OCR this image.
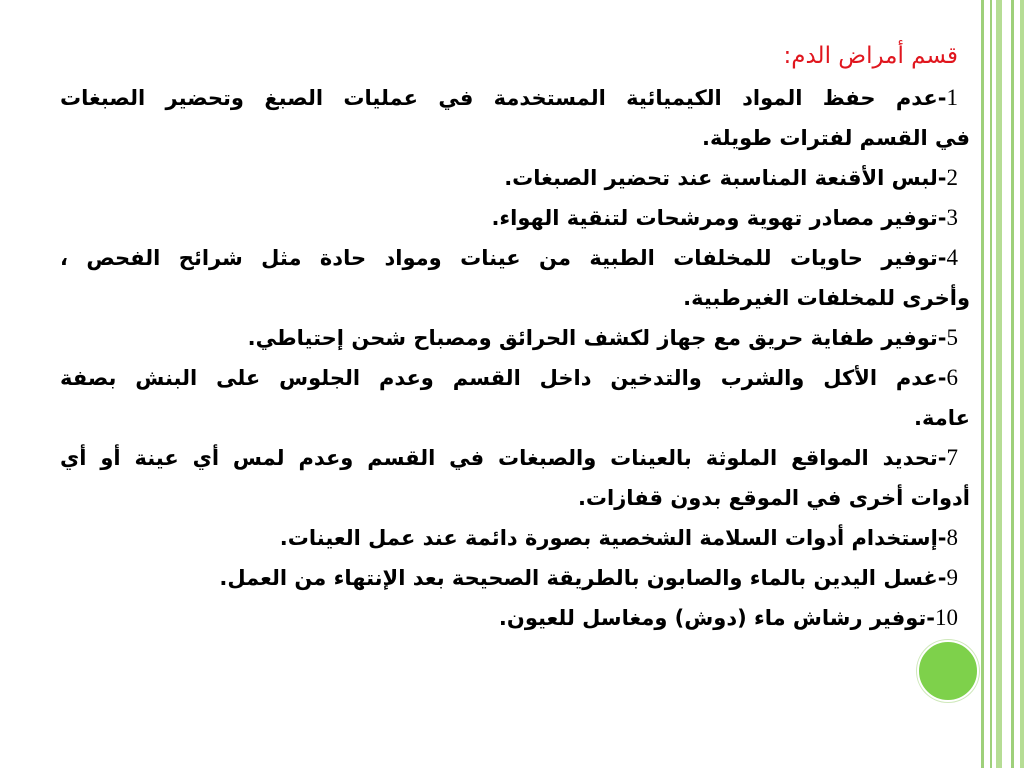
قسم أمراض الدم:
1-عدم حفظ المواد الكيميائية المستخدمة في عمليات الصبغ وتحضير الصبغات
في القسم لفترات طويلة.
2-لبس الأقنعة المناسبة عند تحضير الصبغات.
3-توفير مصادر تهوية ومرشحات لتنقية الهواء.
4-توفير حاويات للمخلفات الطبية من عينات ومواد حادة مثل شرائح الفحص ،
وأخرى للمخلفات الغيرطبية.
5-توفير طفاية حريق مع جهاز لكشف الحرائق ومصباح شحن إحتياطي.
6-عدم الأكل والشرب والتدخين داخل القسم وعدم الجلوس على البنش بصفة
عامة.
7-تحديد المواقع الملوثة بالعينات والصبغات في القسم وعدم لمس أي عينة أو أي
أدوات أخرى في الموقع بدون قفازات.
8-إستخدام أدوات السلامة الشخصية بصورة دائمة عند عمل العينات.
9-غسل اليدين بالماء والصابون بالطريقة الصحيحة بعد الإنتهاء من العمل.
10-توفير رشاش ماء (دوش) ومغاسل للعيون.
